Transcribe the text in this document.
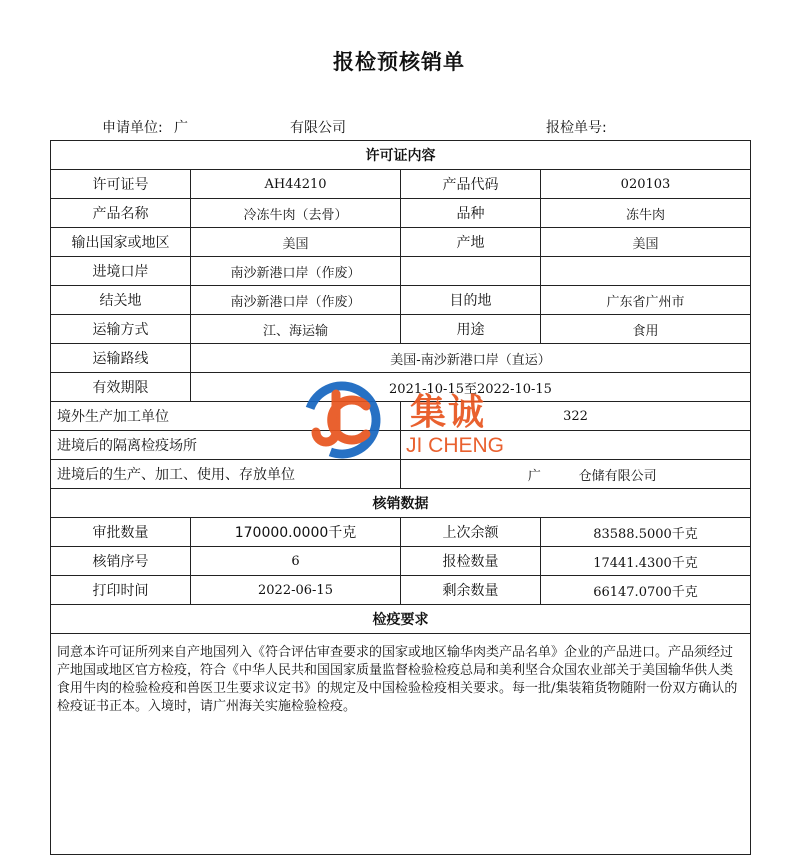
报检预核销单
申请单位: 广	有限公司	报检单号:
许可证内容			
许可证号	AH44210	产品代码	020103
产品名称	冷冻牛肉（去骨）	品种	冻牛肉
输出国家或地区	美国	产地	美国
进境口岸	南沙新港口岸（作废）		
结关地	南沙新港口岸（作废）	目的地	广东省广州市
运输方式	江、海运输	用途	食用
运输路线	美国-南沙新港口岸（直运）		
有效期限	2021-10-15至2022-10-15		
境外生产加工单位		322	
进境后的隔离检疫场所			
进境后的生产、加工、使用、存放单位		广 仓储有限公司	
核销数据			
审批数量	170000.0000千克	上次余额	83588.5000千克
核销序号	6	报检数量	17441.4300千克
打印时间	2022-06-15	剩余数量	66147.0700千克
检疫要求			
同意本许可证所列来自产地国列入《符合评估审查要求的国家或地区输华肉类产品名单》企业的产品进口。产品须经过产地国或地区官方检疫，符合《中华人民共和国国家质量监督检验检疫总局和美利坚合众国农业部关于美国输华供人类食用牛肉的检验检疫和兽医卫生要求议定书》的规定及中国检验检疫相关要求。每一批/集装箱货物随附一份双方确认的检疫证书正本。入境时，请广州海关实施检验检疫。			
集诚
JI CHENG
